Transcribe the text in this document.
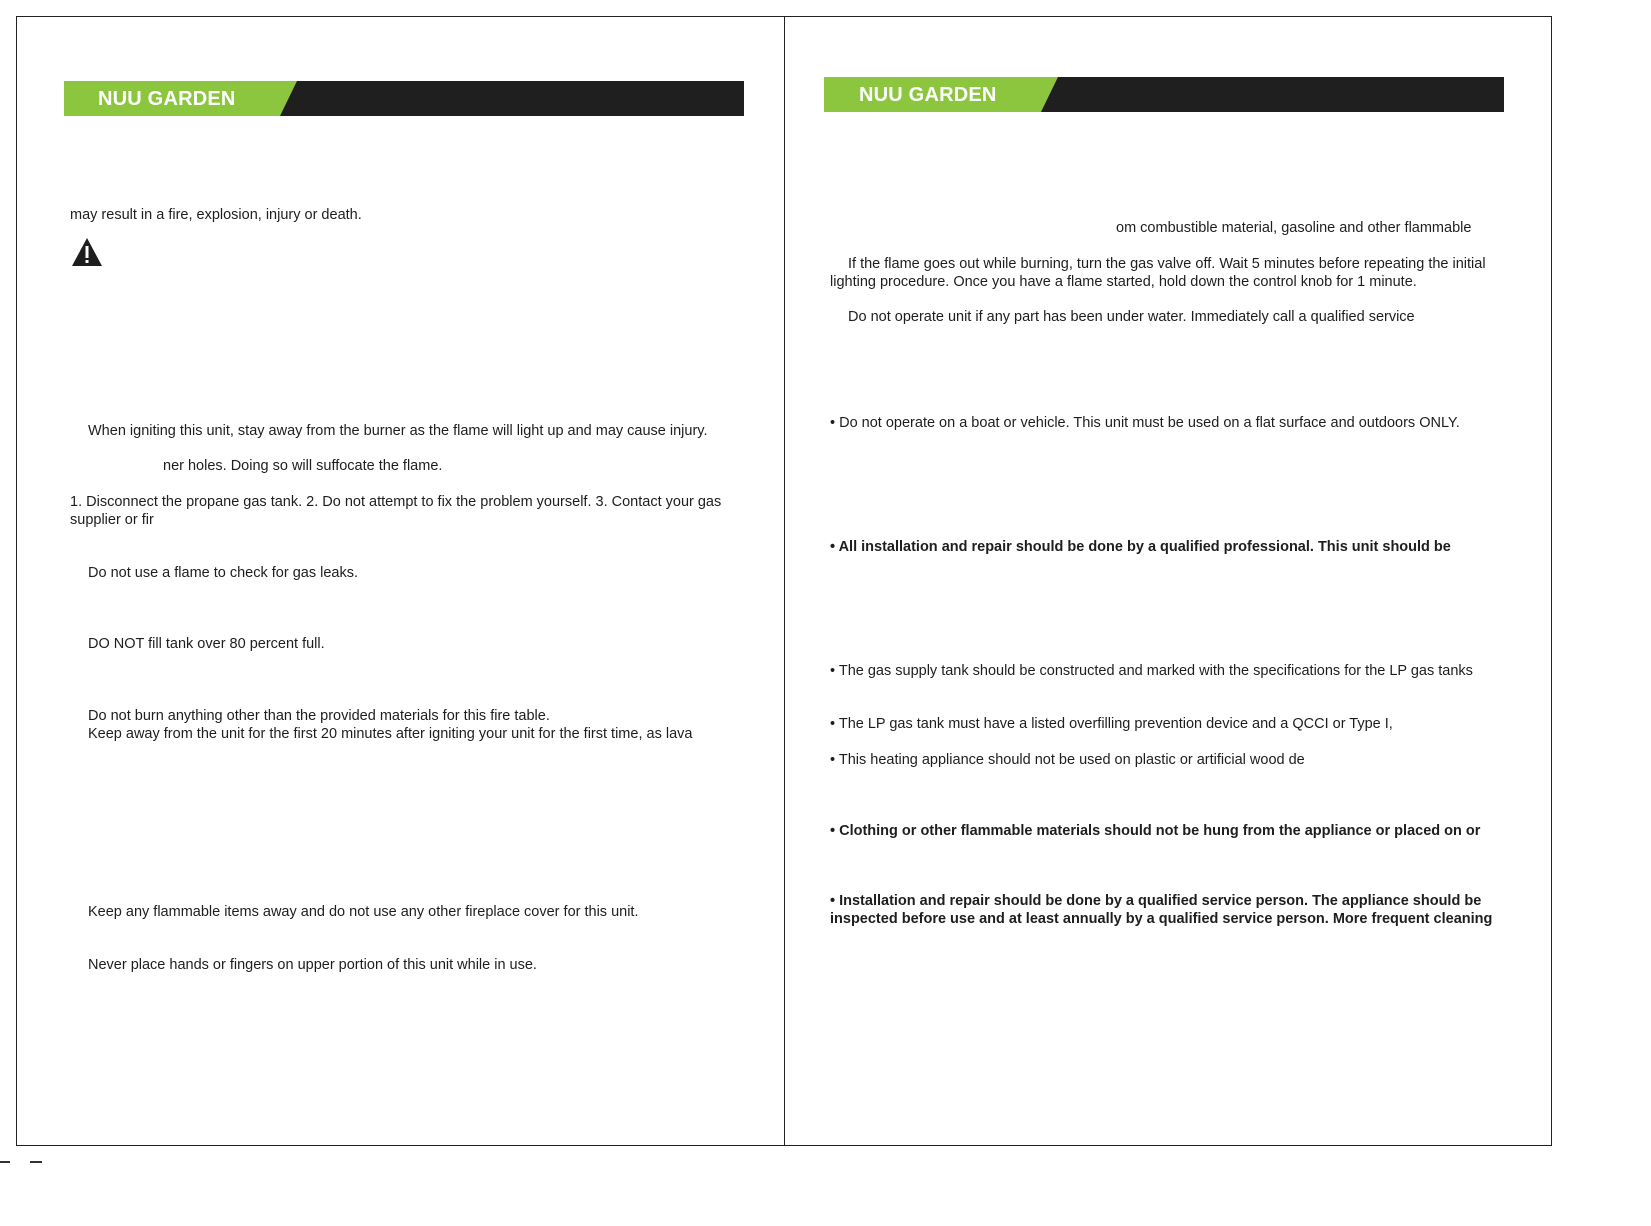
NUU GARDEN
may result in a fire, explosion, injury or death.
When igniting this unit, stay away from the burner as the flame will light up and may cause injury.
ner holes. Doing so will suffocate the flame.
1. Disconnect the propane gas tank. 2. Do not attempt to fix the problem yourself. 3. Contact your gas
supplier or fir
Do not use a flame to check for gas leaks.
DO NOT fill tank over 80 percent full.
Do not burn anything other than the provided materials for this fire table.
Keep away from the unit for the first 20 minutes after igniting your unit for the first time, as lava
Keep any flammable items away and do not use any other fireplace cover for this unit.
Never place hands or fingers on upper portion of this unit while in use.
NUU GARDEN
om combustible material, gasoline and other flammable
If the flame goes out while burning, turn the gas valve off. Wait 5 minutes before repeating the initial
lighting procedure. Once you have a flame started, hold down the control knob for 1 minute.
Do not operate unit if any part has been under water. Immediately call a qualified service
• Do not operate on a boat or vehicle. This unit must be used on a flat surface and outdoors ONLY.
• All installation and repair should be done by a qualified professional. This unit should be
• The gas supply tank should be constructed and marked with the specifications for the LP gas tanks
• The LP gas tank must have a listed overfilling prevention device and a QCCI or Type I,
• This heating appliance should not be used on plastic or artificial wood de
• Clothing or other flammable materials should not be hung from the appliance or placed on or
• Installation and repair should be done by a qualified service person. The appliance should be
inspected before use and at least annually by a qualified service person. More frequent cleaning
